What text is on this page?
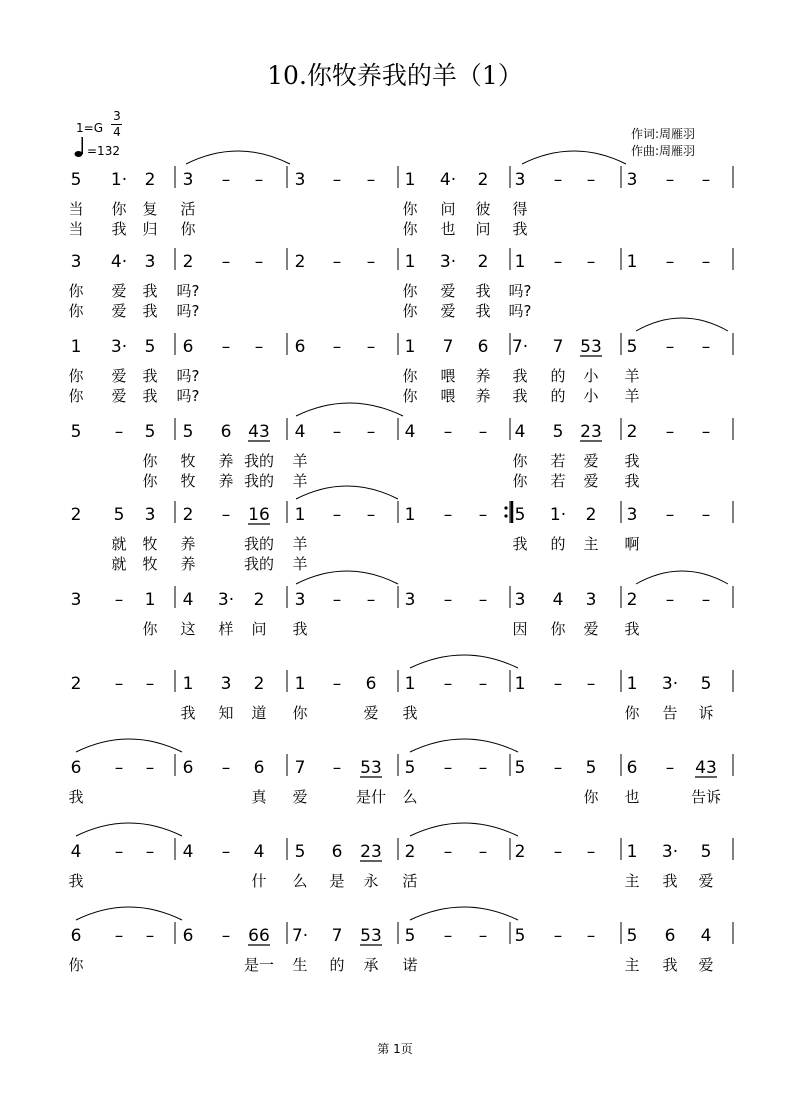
10.你牧养我的羊（1）
1=G
3
4
=132
作词:周雁羽
作曲:周雁羽
5 1· 2 3 – – 3 – – 1 4· 2 3 – – 3 – –
当 你 复 活	你 问 彼 得
当 我 归 你	你 也 问 我
3 4· 3 2 – – 2 – – 1 3· 2 1 – – 1 – –
你 爱 我 吗?	你 爱 我 吗?
你 爱 我 吗?	你 爱 我 吗?
1 3· 5 6 – – 6 – – 1 7 6 7· 7 53 5 – –
你 爱 我 吗?	你 喂 养 我 的 小 羊
你 爱 我 吗?	你 喂 养 我 的 小 羊
5 – 5 5 6 43 4 – – 4 – – 4 5 23 2 – –
你 牧 养 我的 羊	你 若 爱 我
你 牧 养 我的 羊	你 若 爱 我
2 5 3 2 – 16 1 – – 1 – – 5 1· 2 3 – –
就 牧 养	我的 羊	我 的 主 啊
就 牧 养	我的 羊
3 – 1 4 3· 2 3 – – 3 – – 3 4 3 2 – –
你 这 样 问 我	因 你 爱 我
2 – – 1 3 2 1 – 6 1 – – 1 – – 1 3· 5
我 知 道 你	爱 我	你 告 诉
6 – – 6 – 6 7 – 53 5 – – 5 – 5 6 – 43
我	真 爱	是什 么	你 也	告诉
4 – – 4 – 4 5 6 23 2 – – 2 – – 1 3· 5
我	什 么 是 永 活	主 我 爱
6 – – 6 – 66 7· 7 53 5 – – 5 – – 5 6 4
你	是一 生 的 承 诺	主 我 爱
第 1页
